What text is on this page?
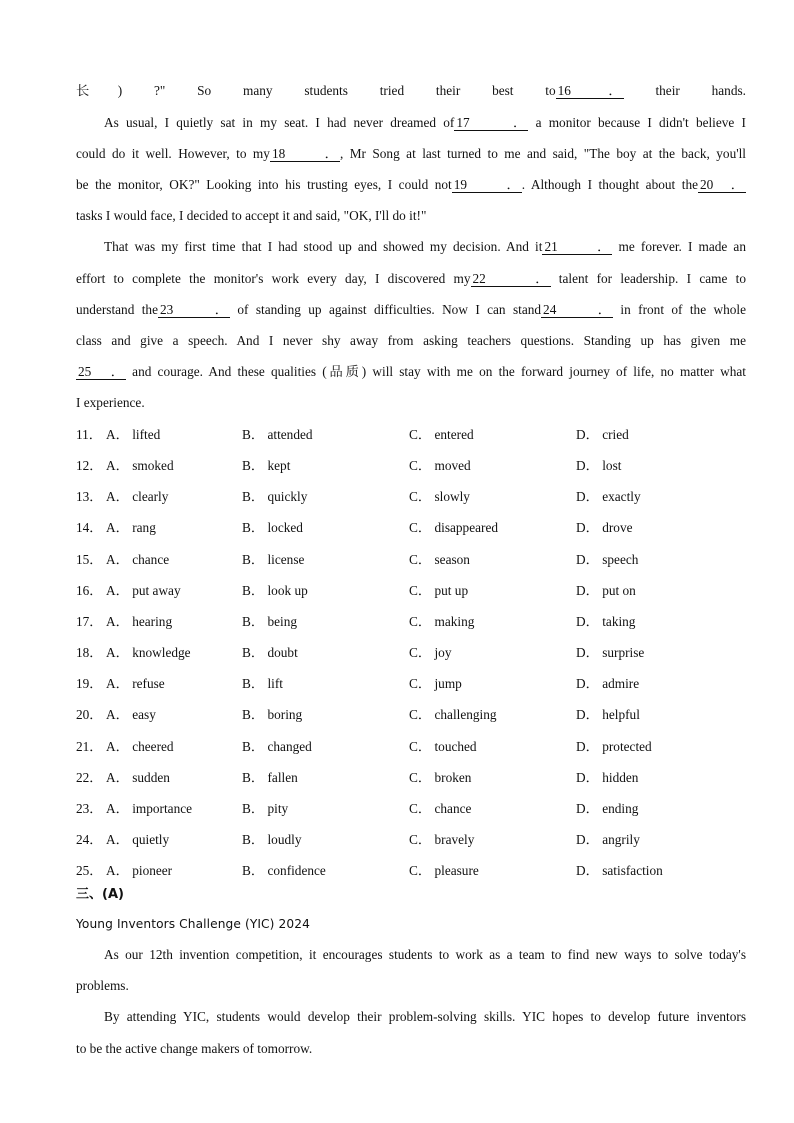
长) ?" So many students tried their best to 16． their hands.
As usual, I quietly sat in my seat. I had never dreamed of 17． a monitor because I didn't believe I
could do it well. However, to my 18． , Mr Song at last turned to me and said, "The boy at the back, you'll
be the monitor, OK?" Looking into his trusting eyes, I could not 19． . Although I thought about the 20．
tasks I would face, I decided to accept it and said, "OK, I'll do it!"
That was my first time that I had stood up and showed my decision. And it 21． me forever. I made an
effort to complete the monitor's work every day, I discovered my 22． talent for leadership. I came to
understand the 23． of standing up against difficulties. Now I can stand 24． in front of the whole
class and give a speech. And I never shy away from asking teachers questions. Standing up has given me
25． and courage. And these qualities (品质) will stay with me on the forward journey of life, no matter what
I experience.
11． A． lifted	B． attended	C． entered	D． cried
12． A． smoked	B． kept	C． moved	D． lost
13． A． clearly	B． quickly	C． slowly	D． exactly
14． A． rang	B． locked	C． disappeared	D． drove
15． A． chance	B． license	C． season	D． speech
16． A． put away	B． look up	C． put up	D． put on
17． A． hearing	B． being	C． making	D． taking
18． A． knowledge	B． doubt	C． joy	D． surprise
19． A． refuse	B． lift	C． jump	D． admire
20． A． easy	B． boring	C． challenging	D． helpful
21． A． cheered	B． changed	C． touched	D． protected
22． A． sudden	B． fallen	C． broken	D． hidden
23． A． importance	B． pity	C． chance	D． ending
24． A． quietly	B． loudly	C． bravely	D． angrily
25． A． pioneer	B． confidence	C． pleasure	D． satisfaction
三、(A)
Young Inventors Challenge (YIC) 2024
As our 12th invention competition, it encourages students to work as a team to find new ways to solve today's
problems.
By attending YIC, students would develop their problem-solving skills. YIC hopes to develop future inventors
to be the active change makers of tomorrow.
